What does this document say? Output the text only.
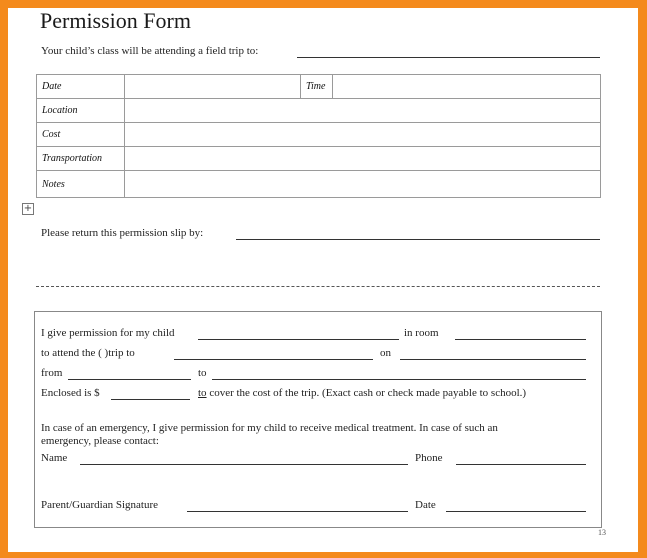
Permission Form
Your child’s class will be attending a field trip to:
Date		Time	
Location			
Cost			
Transportation			
Notes			
+
Please return this permission slip by:
I give permission for my child	in room
to attend the ( )trip to	on
from	to
Enclosed is $	to cover the cost of the trip. (Exact cash or check made payable to school.)
In case of an emergency, I give permission for my child to receive medical treatment. In case of such an
emergency, please contact:
Name	Phone
Parent/Guardian Signature	Date
13
